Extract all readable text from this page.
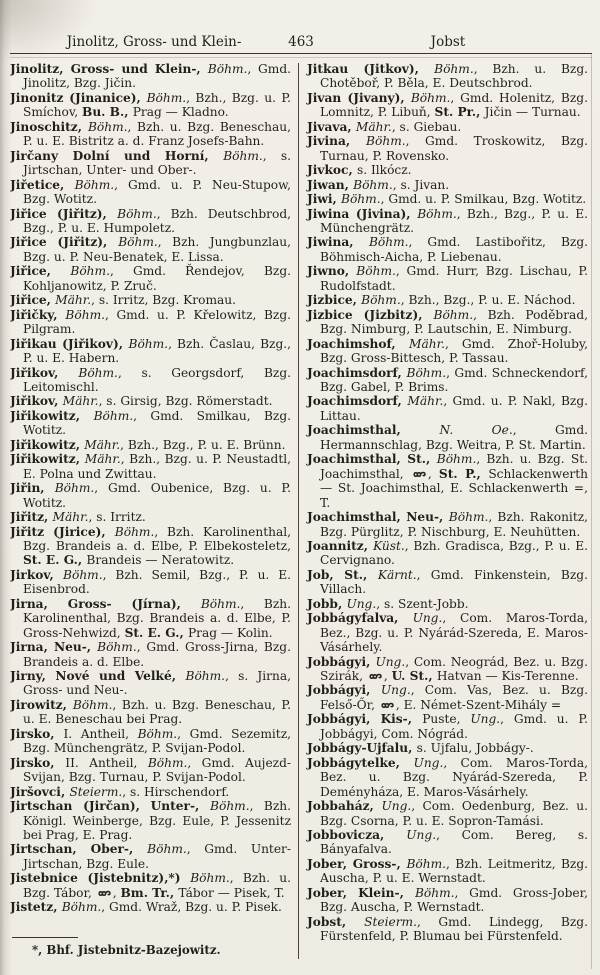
Jinolitz, Gross- und Klein-	463	Jobst

Jinolitz, Gross- und Klein-, Böhm., Gmd. Jinolitz, Bzg. Jičin.

Jinonitz (Jinanice), Böhm., Bzh., Bzg. u. P. Smíchov, Bu. B., Prag — Kladno.

Jinoschitz, Böhm., Bzh. u. Bzg. Beneschau, P. u. E. Bistritz a. d. Franz Josefs-Bahn.

Jirčany Dolní und Horní, Böhm., s. Jirtschan, Unter- und Ober-.

Jiřetice, Böhm., Gmd. u. P. Neu-Stupow, Bzg. Wotitz.

Jiřice (Jiřitz), Böhm., Bzh. Deutschbrod, Bzg., P. u. E. Humpoletz.

Jiřice (Jiřitz), Böhm., Bzh. Jungbunzlau, Bzg. u. P. Neu-Benatek, E. Lissa.

Jiřice, Böhm., Gmd. Řendejov, Bzg. Kohljanowitz, P. Zruč.

Jiřice, Mähr., s. Irritz, Bzg. Kromau.

Jiřičky, Böhm., Gmd. u. P. Křelowitz, Bzg. Pilgram.

Jiřikau (Jiřikov), Böhm., Bzh. Časlau, Bzg., P. u. E. Habern.

Jiřikov, Böhm., s. Georgsdorf, Bzg. Leitomischl.

Jiřikov, Mähr., s. Girsig, Bzg. Römerstadt.

Jiřikowitz, Böhm., Gmd. Smilkau, Bzg. Wotitz.

Jiřikowitz, Mähr., Bzh., Bzg., P. u. E. Brünn.

Jiřikowitz, Mähr., Bzh., Bzg. u. P. Neustadtl, E. Polna und Zwittau.

Jiřin, Böhm., Gmd. Oubenice, Bzg. u. P. Wotitz.

Jiřitz, Mähr., s. Irritz.

Jiřitz (Jirice), Böhm., Bzh. Karolinenthal, Bzg. Brandeis a. d. Elbe, P. Elbekosteletz, St. E. G., Brandeis — Neratowitz.

Jirkov, Böhm., Bzh. Semil, Bzg., P. u. E. Eisenbrod.

Jirna, Gross- (Jírna), Böhm., Bzh. Karolinenthal, Bzg. Brandeis a. d. Elbe, P. Gross-Nehwizd, St. E. G., Prag — Kolin.

Jirna, Neu-, Böhm., Gmd. Gross-Jirna, Bzg. Brandeis a. d. Elbe.

Jirny, Nové und Velké, Böhm., s. Jirna, Gross- und Neu-.

Jirowitz, Böhm., Bzh. u. Bzg. Beneschau, P. u. E. Beneschau bei Prag.

Jirsko, I. Antheil, Böhm., Gmd. Sezemitz, Bzg. Münchengrätz, P. Svijan-Podol.

Jirsko, II. Antheil, Böhm., Gmd. Aujezd-Svijan, Bzg. Turnau, P. Svijan-Podol.

Jiršovci, Steierm., s. Hirschendorf.

Jirtschan (Jirčan), Unter-, Böhm., Bzh. Königl. Weinberge, Bzg. Eule, P. Jessenitz bei Prag, E. Prag.

Jirtschan, Ober-, Böhm., Gmd. Unter-Jirtschan, Bzg. Eule.

Jistebnice (Jistebnitz),*) Böhm., Bzh. u. Bzg. Tábor, , Bm. Tr., Tábor — Pisek, T.

Jistetz, Böhm., Gmd. Wraž, Bzg. u. P. Pisek.

*, Bhf. Jistebnitz-Bazejowitz.

Jitkau (Jitkov), Böhm., Bzh. u. Bzg. Chotěboř, P. Běla, E. Deutschbrod.

Jivan (Jivany), Böhm., Gmd. Holenitz, Bzg. Lomnitz, P. Libuň, St. Pr., Jičin — Turnau.

Jivava, Mähr., s. Giebau.

Jivina, Böhm., Gmd. Troskowitz, Bzg. Turnau, P. Rovensko.

Jivkoc, s. Ilkócz.

Jiwan, Böhm., s. Jivan.

Jiwi, Böhm., Gmd. u. P. Smilkau, Bzg. Wotitz.

Jiwina (Jivina), Böhm., Bzh., Bzg., P. u. E. Münchengrätz.

Jiwina, Böhm., Gmd. Lastibořitz, Bzg. Böhmisch-Aicha, P. Liebenau.

Jiwno, Böhm., Gmd. Hurr, Bzg. Lischau, P. Rudolfstadt.

Jizbice, Böhm., Bzh., Bzg., P. u. E. Náchod.

Jizbice (Jizbitz), Böhm., Bzh. Poděbrad, Bzg. Nimburg, P. Lautschin, E. Nimburg.

Joachimshof, Mähr., Gmd. Zhoř-Holuby, Bzg. Gross-Bittesch, P. Tassau.

Joachimsdorf, Böhm., Gmd. Schneckendorf, Bzg. Gabel, P. Brims.

Joachimsdorf, Mähr., Gmd. u. P. Nakl, Bzg. Littau.

Joachimsthal, N. Oe., Gmd. Hermannschlag, Bzg. Weitra, P. St. Martin.

Joachimsthal, St., Böhm., Bzh. u. Bzg. St. Joachimsthal, , St. P., Schlackenwerth — St. Joachimsthal, E. Schlackenwerth =, T.

Joachimsthal, Neu-, Böhm., Bzh. Rakonitz, Bzg. Pürglitz, P. Nischburg, E. Neuhütten.

Joannitz, Küst., Bzh. Gradisca, Bzg., P. u. E. Cervignano.

Job, St., Kärnt., Gmd. Finkenstein, Bzg. Villach.

Jobb, Ung., s. Szent-Jobb.

Jobbágyfalva, Ung., Com. Maros-Torda, Bez., Bzg. u. P. Nyárád-Szereda, E. Maros-Vásárhely.

Jobbágyi, Ung., Com. Neográd, Bez. u. Bzg. Szirák, , U. St., Hatvan — Kis-Terenne.

Jobbágyi, Ung., Com. Vas, Bez. u. Bzg. Felső-Őr, , E. Német-Szent-Mihály =

Jobbágyi, Kis-, Puste, Ung., Gmd. u. P. Jobbágyi, Com. Nógrád.

Jobbágy-Ujfalu, s. Ujfalu, Jobbágy-.

Jobbágytelke, Ung., Com. Maros-Torda, Bez. u. Bzg. Nyárád-Szereda, P. Deményháza, E. Maros-Vásárhely.

Jobbaház, Ung., Com. Oedenburg, Bez. u. Bzg. Csorna, P. u. E. Sopron-Tamási.

Jobbovicza, Ung., Com. Bereg, s. Bányafalva.

Jober, Gross-, Böhm., Bzh. Leitmeritz, Bzg. Auscha, P. u. E. Wernstadt.

Jober, Klein-, Böhm., Gmd. Gross-Jober, Bzg. Auscha, P. Wernstadt.

Jobst, Steierm., Gmd. Lindegg, Bzg. Fürstenfeld, P. Blumau bei Fürstenfeld.
